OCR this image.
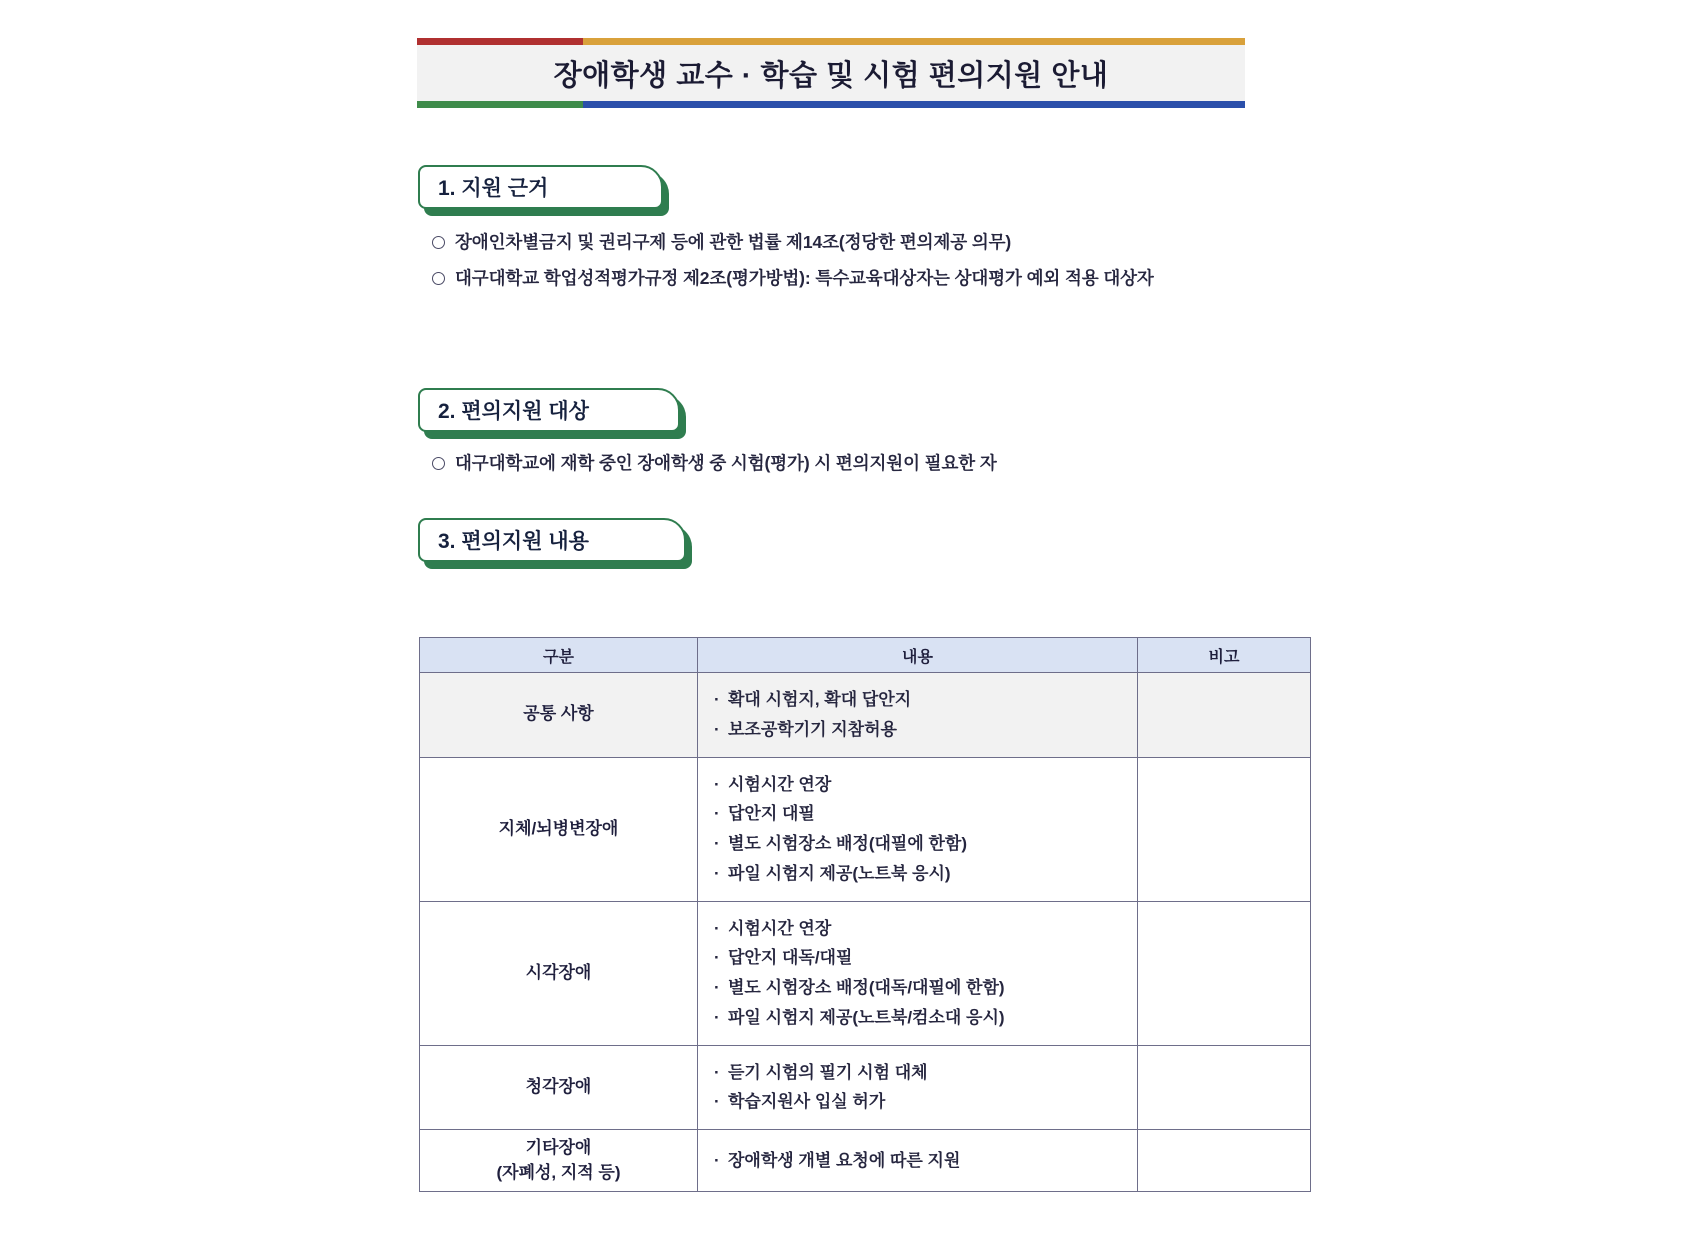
장애학생 교수 · 학습 및 시험 편의지원 안내
1. 지원 근거
장애인차별금지 및 권리구제 등에 관한 법률 제14조(정당한 편의제공 의무)
대구대학교 학업성적평가규정 제2조(평가방법): 특수교육대상자는 상대평가 예외 적용 대상자
2. 편의지원 대상
대구대학교에 재학 중인 장애학생 중 시험(평가) 시 편의지원이 필요한 자
3. 편의지원 내용
구분	내용	비고
공통 사항	· 확대 시험지, 확대 답안지
· 보조공학기기 지참허용	

지체/뇌병변장애	· 시험시간 연장
· 답안지 대필
· 별도 시험장소 배정(대필에 한함)
· 파일 시험지 제공(노트북 응시)	

시각장애	· 시험시간 연장
· 답안지 대독/대필
· 별도 시험장소 배정(대독/대필에 한함)
· 파일 시험지 제공(노트북/컴소대 응시)	

청각장애	· 듣기 시험의 필기 시험 대체
· 학습지원사 입실 허가	

기타장애
(자폐성, 지적 등)	· 장애학생 개별 요청에 따른 지원	
